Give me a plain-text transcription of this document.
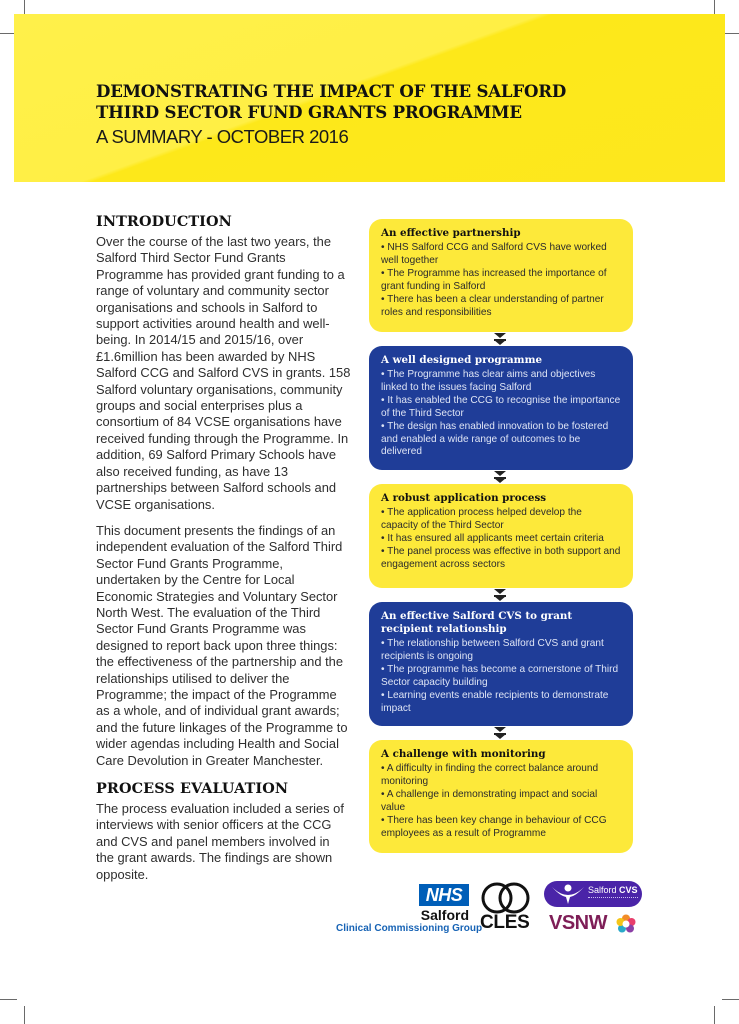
DEMONSTRATING THE IMPACT OF THE SALFORD
THIRD SECTOR FUND GRANTS PROGRAMME
A SUMMARY - OCTOBER 2016
INTRODUCTION

Over the course of the last two years, the Salford Third Sector Fund Grants Programme has provided grant funding to a range of voluntary and community sector organisations and schools in Salford to support activities around health and well-being. In 2014/15 and 2015/16, over £1.6million has been awarded by NHS Salford CCG and Salford CVS in grants. 158 Salford voluntary organisations, community groups and social enterprises plus a consortium of 84 VCSE organisations have received funding through the Programme. In addition, 69 Salford Primary Schools have also received funding, as have 13 partnerships between Salford schools and VCSE organisations.

This document presents the findings of an independent evaluation of the Salford Third Sector Fund Grants Programme, undertaken by the Centre for Local Economic Strategies and Voluntary Sector North West. The evaluation of the Third Sector Fund Grants Programme was designed to report back upon three things: the effectiveness of the partnership and the relationships utilised to deliver the Programme; the impact of the Programme as a whole, and of individual grant awards; and the future linkages of the Programme to wider agendas including Health and Social Care Devolution in Greater Manchester.

PROCESS EVALUATION

The process evaluation included a series of interviews with senior officers at the CCG and CVS and panel members involved in the grant awards. The findings are shown opposite.

An effective partnership
• NHS Salford CCG and Salford CVS have worked well together
• The Programme has increased the importance of grant funding in Salford
• There has been a clear understanding of partner roles and responsibilities
A well designed programme
• The Programme has clear aims and objectives linked to the issues facing Salford
• It has enabled the CCG to recognise the importance of the Third Sector
• The design has enabled innovation to be fostered and enabled a wide range of outcomes to be delivered
A robust application process
• The application process helped develop the capacity of the Third Sector
• It has ensured all applicants meet certain criteria
• The panel process was effective in both support and engagement across sectors
An effective Salford CVS to grant recipient relationship
• The relationship between Salford CVS and grant recipients is ongoing
• The programme has become a cornerstone of Third Sector capacity building
• Learning events enable recipients to demonstrate impact
A challenge with monitoring
• A difficulty in finding the correct balance around monitoring
• A challenge in demonstrating impact and social value
• There has been key change in behaviour of CCG employees as a result of Programme
NHS
Salford
Clinical Commissioning Group
CLES
Salford CVS
VSNW
